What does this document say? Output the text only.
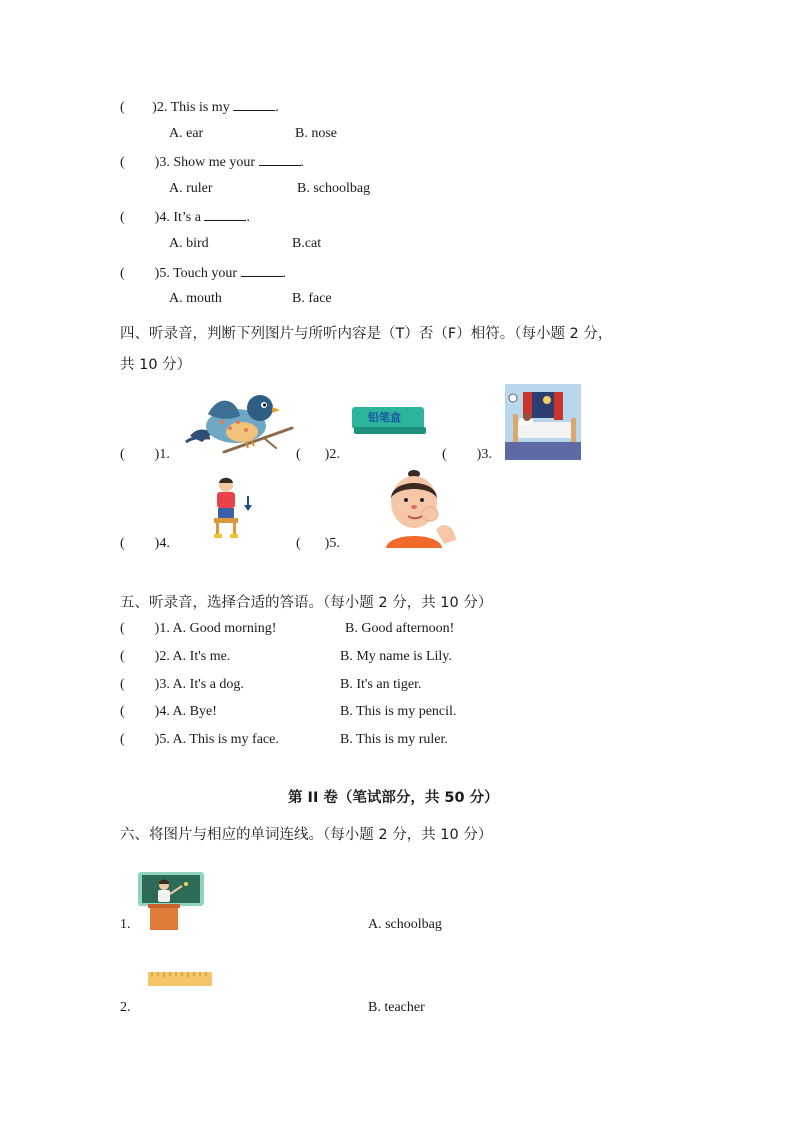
( )2. This is my	.
A. ear	B. nose
( )3. Show me your	.
A. ruler	B. schoolbag
( )4. It’s a	.
A. bird	B.cat
( )5. Touch your	.
A. mouth	B. face
四、听录音，判断下列图片与所听内容是（T）否（F）相符。（每小题 2 分，
共 10 分）
铅笔盒
( )1.	( )2.	( )3.
( )4.	( )5.
五、听录音，选择合适的答语。（每小题 2 分，共 10 分）
( )1. A. Good morning!	B. Good afternoon!
( )2. A. It's me.	B. My name is Lily.
( )3. A. It's a dog.	B. It's an tiger.
( )4. A. Bye!	B. This is my pencil.
( )5. A. This is my face.	B. This is my ruler.
第 II 卷（笔试部分，共 50 分）
六、将图片与相应的单词连线。（每小题 2 分，共 10 分）
1.	A. schoolbag
2.	B. teacher
